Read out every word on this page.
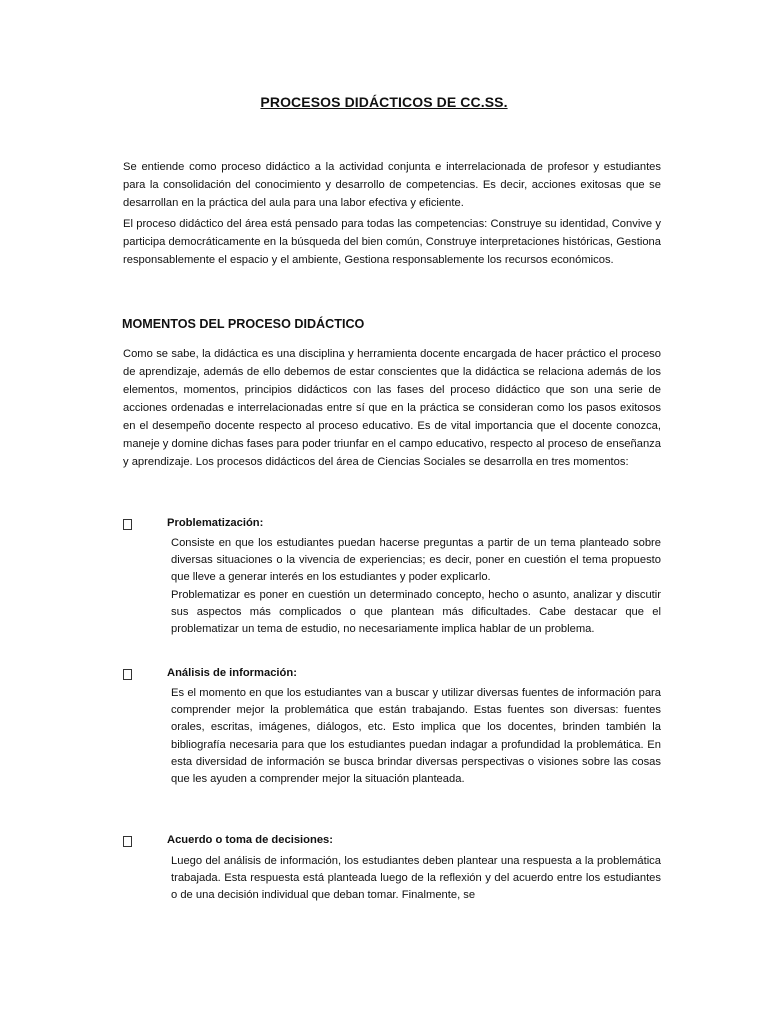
PROCESOS DIDÁCTICOS DE CC.SS.
Se entiende como proceso didáctico a la actividad conjunta e interrelacionada de profesor y estudiantes para la consolidación del conocimiento y desarrollo de competencias. Es decir, acciones exitosas que se desarrollan en la práctica del aula para una labor efectiva y eficiente.
El proceso didáctico del área está pensado para todas las competencias: Construye su identidad, Convive y participa democráticamente en la búsqueda del bien común, Construye interpretaciones históricas, Gestiona responsablemente el espacio y el ambiente, Gestiona responsablemente los recursos económicos.
MOMENTOS DEL PROCESO DIDÁCTICO
Como se sabe, la didáctica es una disciplina y herramienta docente encargada de hacer práctico el proceso de aprendizaje, además de ello debemos de estar conscientes que la didáctica se relaciona además de los elementos, momentos, principios didácticos con las fases del proceso didáctico que son una serie de acciones ordenadas e interrelacionadas entre sí que en la práctica se consideran como los pasos exitosos en el desempeño docente respecto al proceso educativo. Es de vital importancia que el docente conozca, maneje y domine dichas fases para poder triunfar en el campo educativo, respecto al proceso de enseñanza y aprendizaje. Los procesos didácticos del área de Ciencias Sociales se desarrolla en tres momentos:
Problematización:
Consiste en que los estudiantes puedan hacerse preguntas a partir de un tema planteado sobre diversas situaciones o la vivencia de experiencias; es decir, poner en cuestión el tema propuesto que lleve a generar interés en los estudiantes y poder explicarlo.
Problematizar es poner en cuestión un determinado concepto, hecho o asunto, analizar y discutir sus aspectos más complicados o que plantean más dificultades. Cabe destacar que el problematizar un tema de estudio, no necesariamente implica hablar de un problema.
Análisis de información:
Es el momento en que los estudiantes van a buscar y utilizar diversas fuentes de información para comprender mejor la problemática que están trabajando. Estas fuentes son diversas: fuentes orales, escritas, imágenes, diálogos, etc. Esto implica que los docentes, brinden también la bibliografía necesaria para que los estudiantes puedan indagar a profundidad la problemática. En esta diversidad de información se busca brindar diversas perspectivas o visiones sobre las cosas que les ayuden a comprender mejor la situación planteada.
Acuerdo o toma de decisiones:
Luego del análisis de información, los estudiantes deben plantear una respuesta a la problemática trabajada. Esta respuesta está planteada luego de la reflexión y del acuerdo entre los estudiantes o de una decisión individual que deban tomar. Finalmente, se
